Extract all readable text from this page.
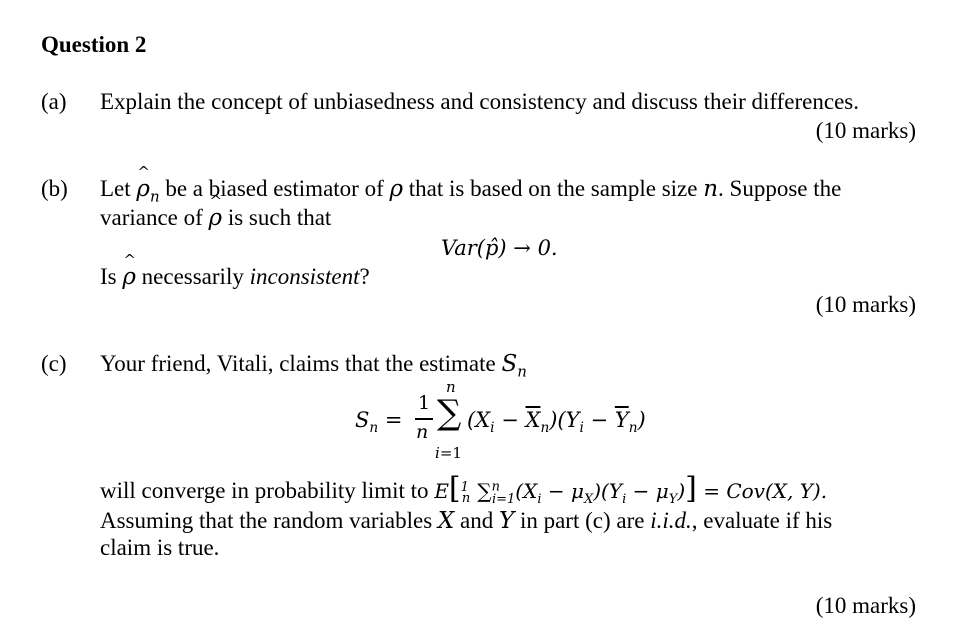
Question 2
(a) Explain the concept of unbiasedness and consistency and discuss their differences.
(10 marks)
(b) Let ^ $\rho_n$ be a biased estimator of ρ that is based on the sample size n. Suppose the
variance of ^ ρ is such that
Var(p̂) → 0.
Is ^ ρ necessarily inconsistent?
(10 marks)
(c) Your friend, Vitali, claims that the estimate $S_n$
$S_n$ =
1
n
n
∑
i=1
$(X_i - \overline{X}_n)(Y_i - \overline{Y}_n)$
will converge in probability limit to E[$^1_n$ $\sum^n_{i=1}(X_i - \mu_X)(Y_i - \mu_Y)] = Cov(X$, Y).
Assuming that the random variables X and Y in part (c) are i.i.d., evaluate if his
claim is true.
(10 marks)
